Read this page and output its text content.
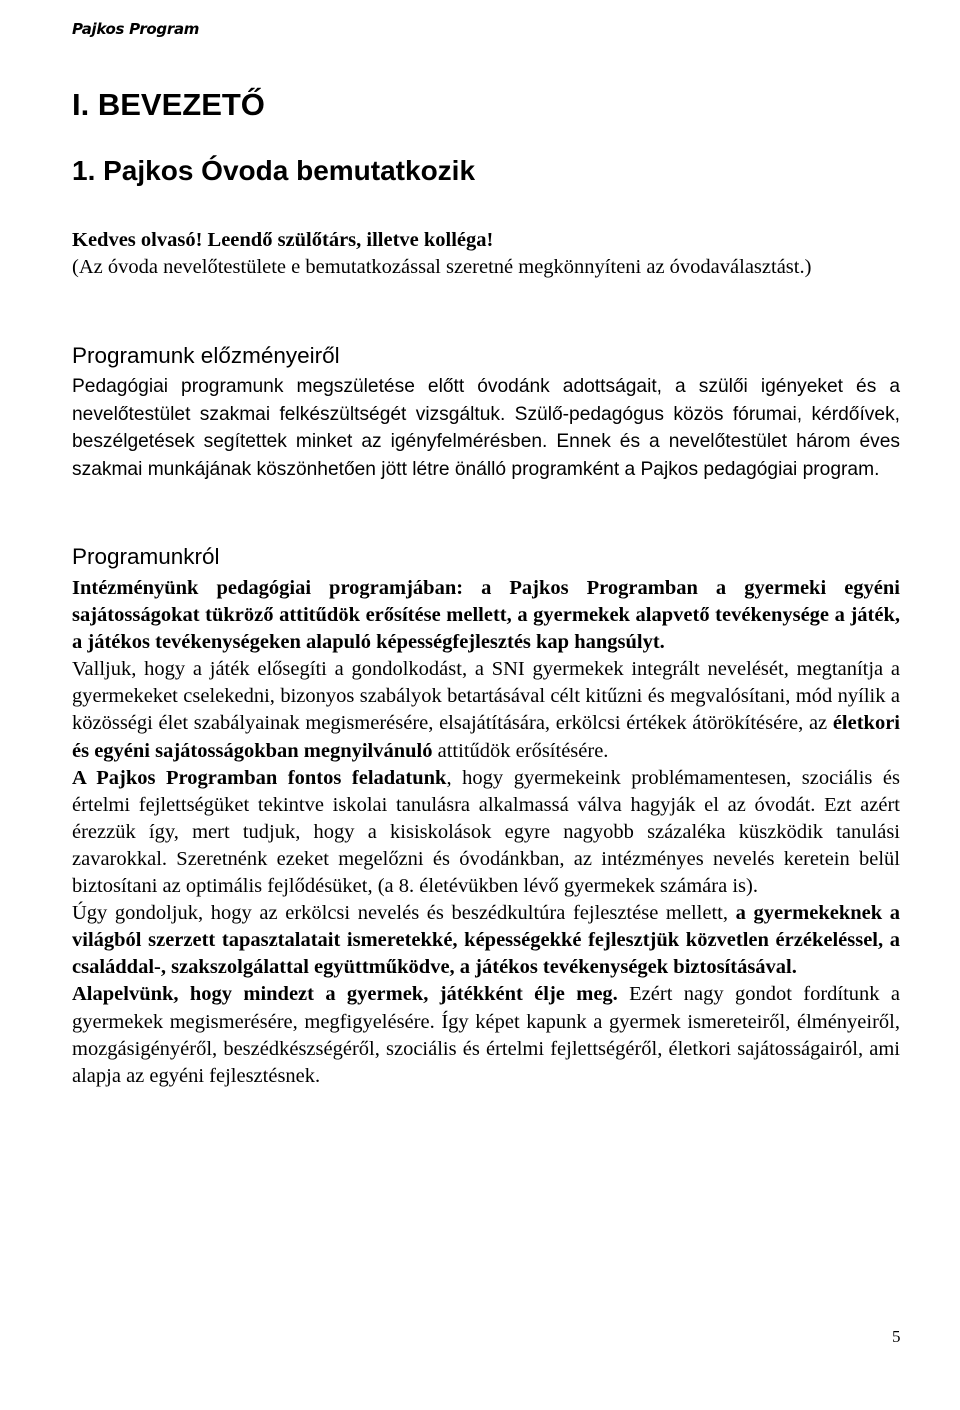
Pajkos Program
I. BEVEZETŐ
1. Pajkos Óvoda bemutatkozik

Kedves olvasó! Leendő szülőtárs, illetve kolléga!

(Az óvoda nevelőtestülete e bemutatkozással szeretné megkönnyíteni az óvodaválasztást.)

Programunk előzményeiről
Pedagógiai programunk megszületése előtt óvodánk adottságait, a szülői igényeket és a nevelőtestület szakmai felkészültségét vizsgáltuk. Szülő-pedagógus közös fórumai, kérdőívek, beszélgetések segítettek minket az igényfelmérésben. Ennek és a nevelőtestület három éves szakmai munkájának köszönhetően jött létre önálló programként a Pajkos pedagógiai program.
Programunkról

Intézményünk pedagógiai programjában: a Pajkos Programban a gyermeki egyéni sajátosságokat tükröző attitűdök erősítése mellett, a gyermekek alapvető tevékenysége a játék, a játékos tevékenységeken alapuló képességfejlesztés kap hangsúlyt.

Valljuk, hogy a játék elősegíti a gondolkodást, a SNI gyermekek integrált nevelését, megtanítja a gyermekeket cselekedni, bizonyos szabályok betartásával célt kitűzni és megvalósítani, mód nyílik a közösségi élet szabályainak megismerésére, elsajátítására, erkölcsi értékek átörökítésére, az életkori és egyéni sajátosságokban megnyilvánuló attitűdök erősítésére.

A Pajkos Programban fontos feladatunk, hogy gyermekeink problémamentesen, szociális és értelmi fejlettségüket tekintve iskolai tanulásra alkalmassá válva hagyják el az óvodát. Ezt azért érezzük így, mert tudjuk, hogy a kisiskolások egyre nagyobb százaléka küszködik tanulási zavarokkal. Szeretnénk ezeket megelőzni és óvodánkban, az intézményes nevelés keretein belül biztosítani az optimális fejlődésüket, (a 8. életévükben lévő gyermekek számára is).

Úgy gondoljuk, hogy az erkölcsi nevelés és beszédkultúra fejlesztése mellett, a gyermekeknek a világból szerzett tapasztalatait ismeretekké, képességekké fejlesztjük közvetlen érzékeléssel, a családdal-, szakszolgálattal együttműködve, a játékos tevékenységek biztosításával.

Alapelvünk, hogy mindezt a gyermek, játékként élje meg. Ezért nagy gondot fordítunk a gyermekek megismerésére, megfigyelésére. Így képet kapunk a gyermek ismereteiről, élményeiről, mozgásigényéről, beszédkészségéről, szociális és értelmi fejlettségéről, életkori sajátosságairól, ami alapja az egyéni fejlesztésnek.

5
